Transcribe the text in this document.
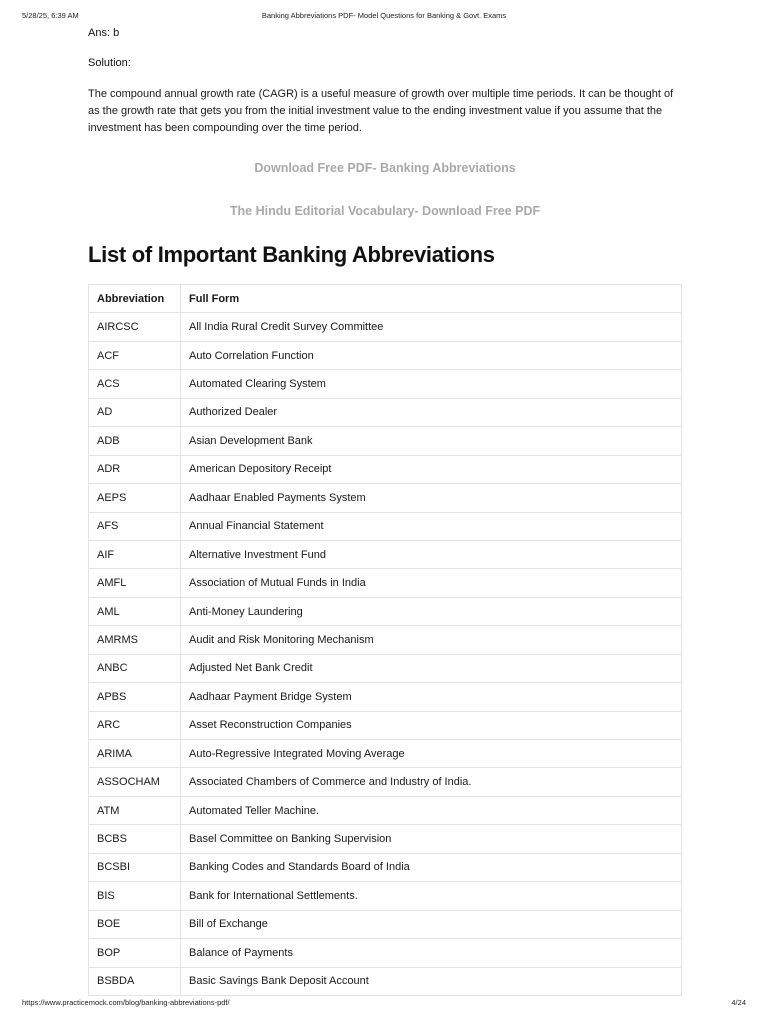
5/28/25, 6:39 AM	Banking Abbreviations PDF- Model Questions for Banking & Govt. Exams

Ans: b

Solution:

The compound annual growth rate (CAGR) is a useful measure of growth over multiple time periods. It can be thought of as the growth rate that gets you from the initial investment value to the ending investment value if you assume that the investment has been compounding over the time period.

Download Free PDF- Banking Abbreviations
The Hindu Editorial Vocabulary- Download Free PDF
List of Important Banking Abbreviations
Abbreviation	Full Form
AIRCSC	All India Rural Credit Survey Committee
ACF	Auto Correlation Function
ACS	Automated Clearing System
AD	Authorized Dealer
ADB	Asian Development Bank
ADR	American Depository Receipt
AEPS	Aadhaar Enabled Payments System
AFS	Annual Financial Statement
AIF	Alternative Investment Fund
AMFL	Association of Mutual Funds in India
AML	Anti-Money Laundering
AMRMS	Audit and Risk Monitoring Mechanism
ANBC	Adjusted Net Bank Credit
APBS	Aadhaar Payment Bridge System
ARC	Asset Reconstruction Companies
ARIMA	Auto-Regressive Integrated Moving Average
ASSOCHAM	Associated Chambers of Commerce and Industry of India.
ATM	Automated Teller Machine.
BCBS	Basel Committee on Banking Supervision
BCSBI	Banking Codes and Standards Board of India
BIS	Bank for International Settlements.
BOE	Bill of Exchange
BOP	Balance of Payments
BSBDA	Basic Savings Bank Deposit Account
https://www.practicemock.com/blog/banking-abbreviations-pdf/	4/24
